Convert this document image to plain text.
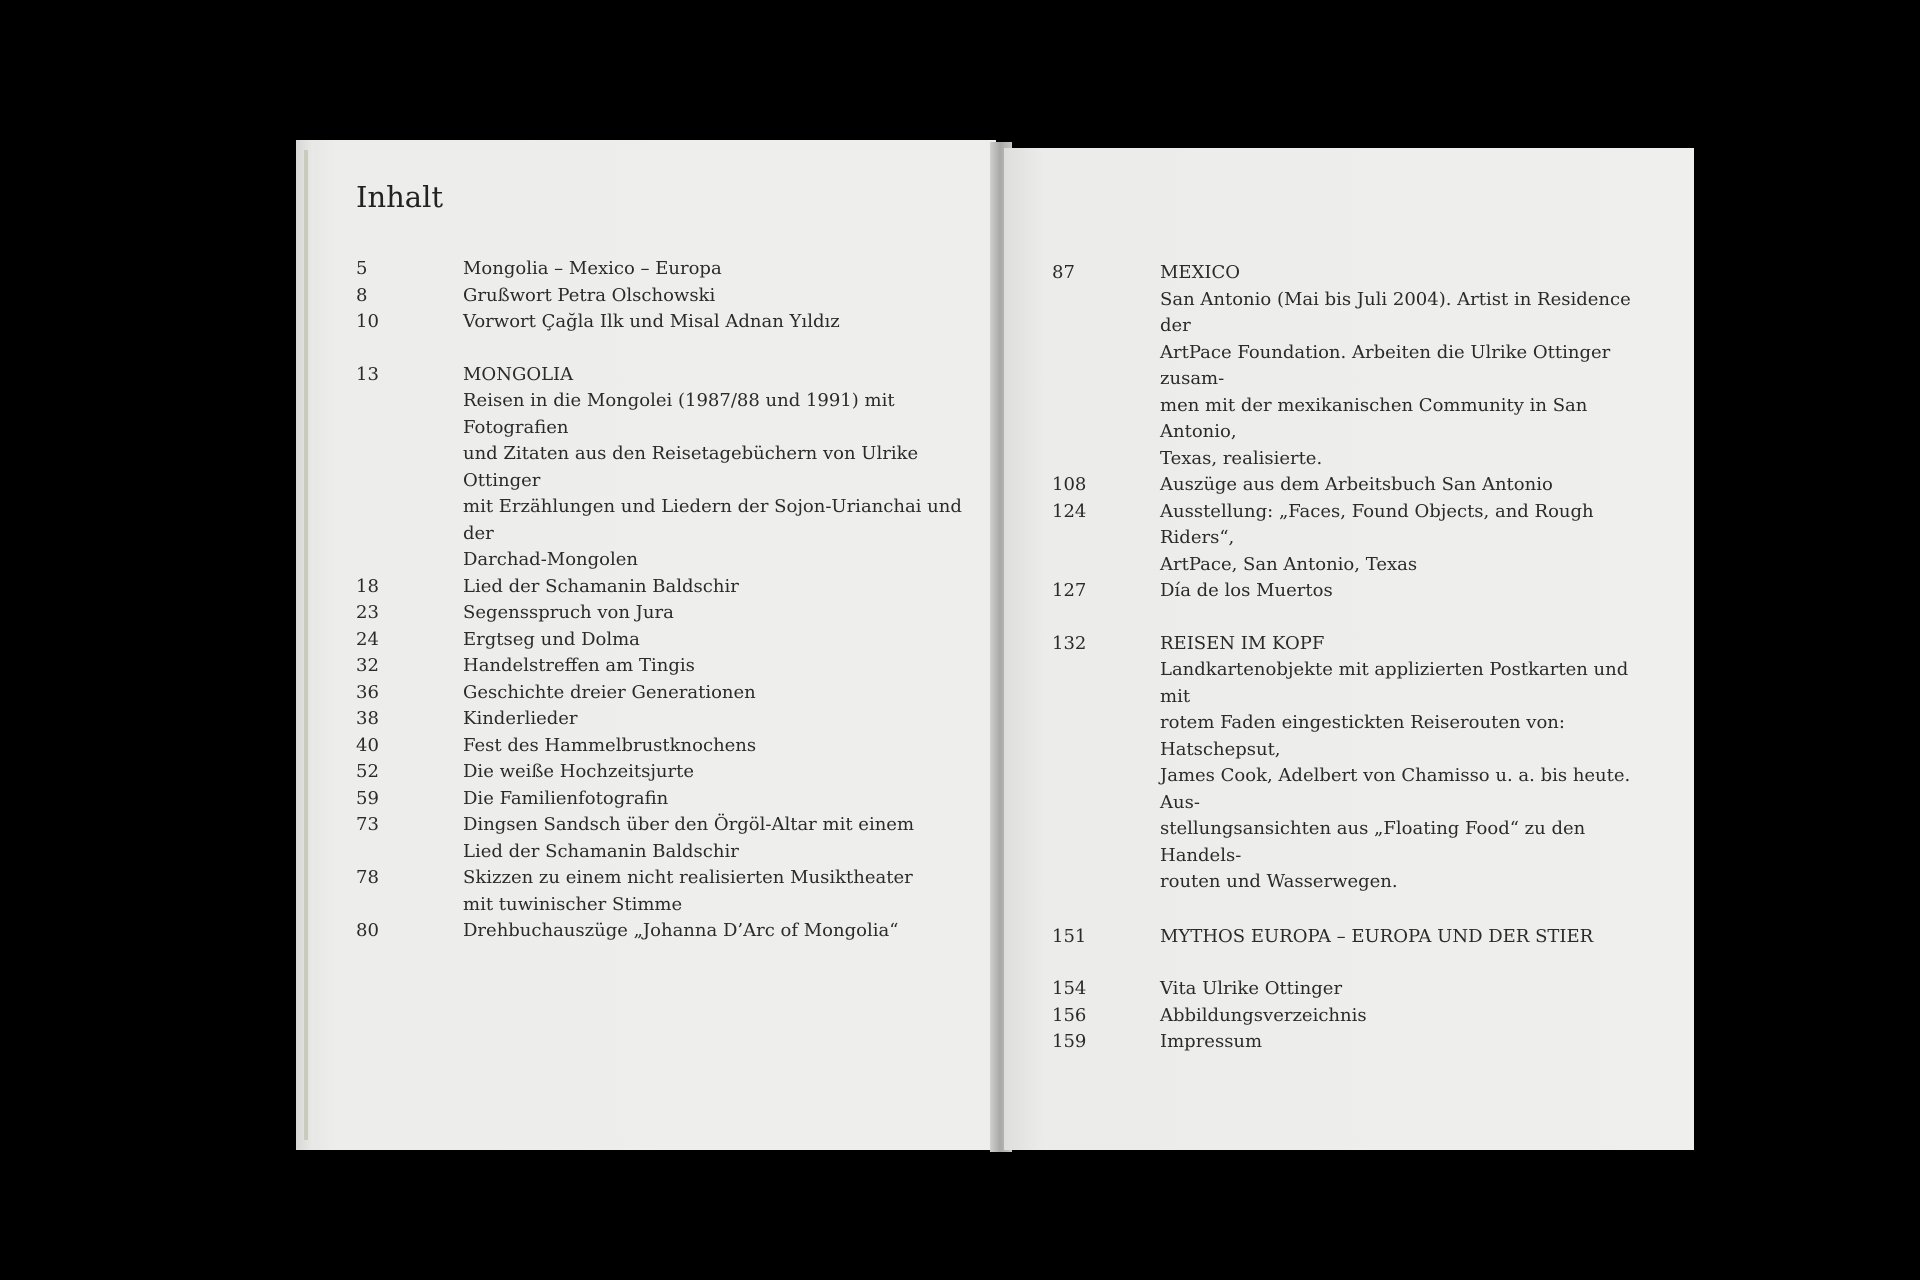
Inhalt
5	Mongolia – Mexico – Europa
8	Grußwort Petra Olschowski
10	Vorwort Çağla Ilk und Misal Adnan Yıldız
13	MONGOLIA
Reisen in die Mongolei (1987/88 und 1991) mit Fotografien
und Zitaten aus den Reisetagebüchern von Ulrike Ottinger
mit Erzählungen und Liedern der Sojon-Urianchai und der
Darchad-Mongolen
18	Lied der Schamanin Baldschir
23	Segensspruch von Jura
24	Ergtseg und Dolma
32	Handelstreffen am Tingis
36	Geschichte dreier Generationen
38	Kinderlieder
40	Fest des Hammelbrustknochens
52	Die weiße Hochzeitsjurte
59	Die Familienfotografin
73	Dingsen Sandsch über den Örgöl-Altar mit einem
Lied der Schamanin Baldschir
78	Skizzen zu einem nicht realisierten Musiktheater
mit tuwinischer Stimme
80	Drehbuchauszüge „Johanna D’Arc of Mongolia“
87	MEXICO
San Antonio (Mai bis Juli 2004). Artist in Residence der
ArtPace Foundation. Arbeiten die Ulrike Ottinger zusam-
men mit der mexikanischen Community in San Antonio,
Texas, realisierte.
108	Auszüge aus dem Arbeitsbuch San Antonio
124	Ausstellung: „Faces, Found Objects, and Rough Riders“,
ArtPace, San Antonio, Texas
127	Día de los Muertos
132	REISEN IM KOPF
Landkartenobjekte mit applizierten Postkarten und mit
rotem Faden eingestickten Reiserouten von: Hatschepsut,
James Cook, Adelbert von Chamisso u. a. bis heute. Aus-
stellungsansichten aus „Floating Food“ zu den Handels-
routen und Wasserwegen.
151	MYTHOS EUROPA – EUROPA UND DER STIER
154	Vita Ulrike Ottinger
156	Abbildungsverzeichnis
159	Impressum
